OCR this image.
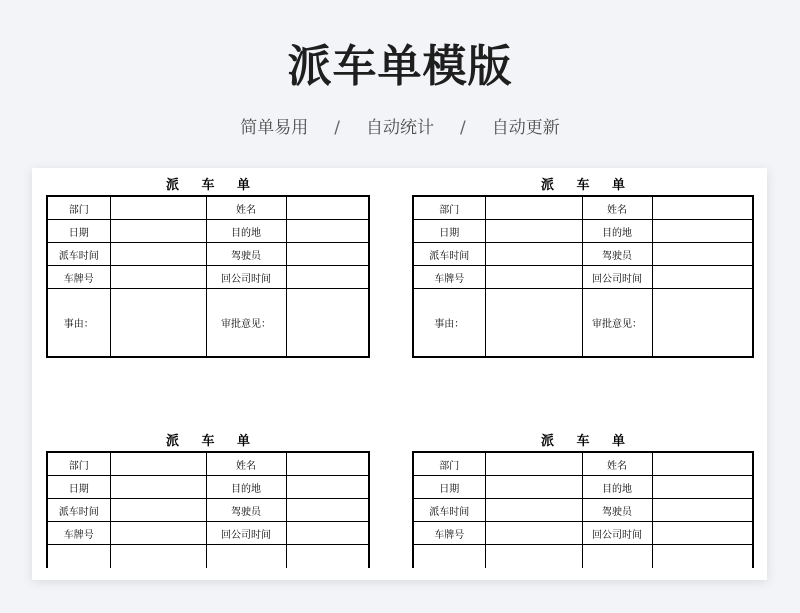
派车单模版
简单易用 / 自动统计 / 自动更新
派 车 单
部门		姓名	
日期		目的地	
派车时间		驾驶员	
车牌号		回公司时间	
事由：		审批意见：	
派 车 单
部门		姓名	
日期		目的地	
派车时间		驾驶员	
车牌号		回公司时间	
事由：		审批意见：	
派 车 单
部门		姓名	
日期		目的地	
派车时间		驾驶员	
车牌号		回公司时间	

派 车 单
部门		姓名	
日期		目的地	
派车时间		驾驶员	
车牌号		回公司时间	
